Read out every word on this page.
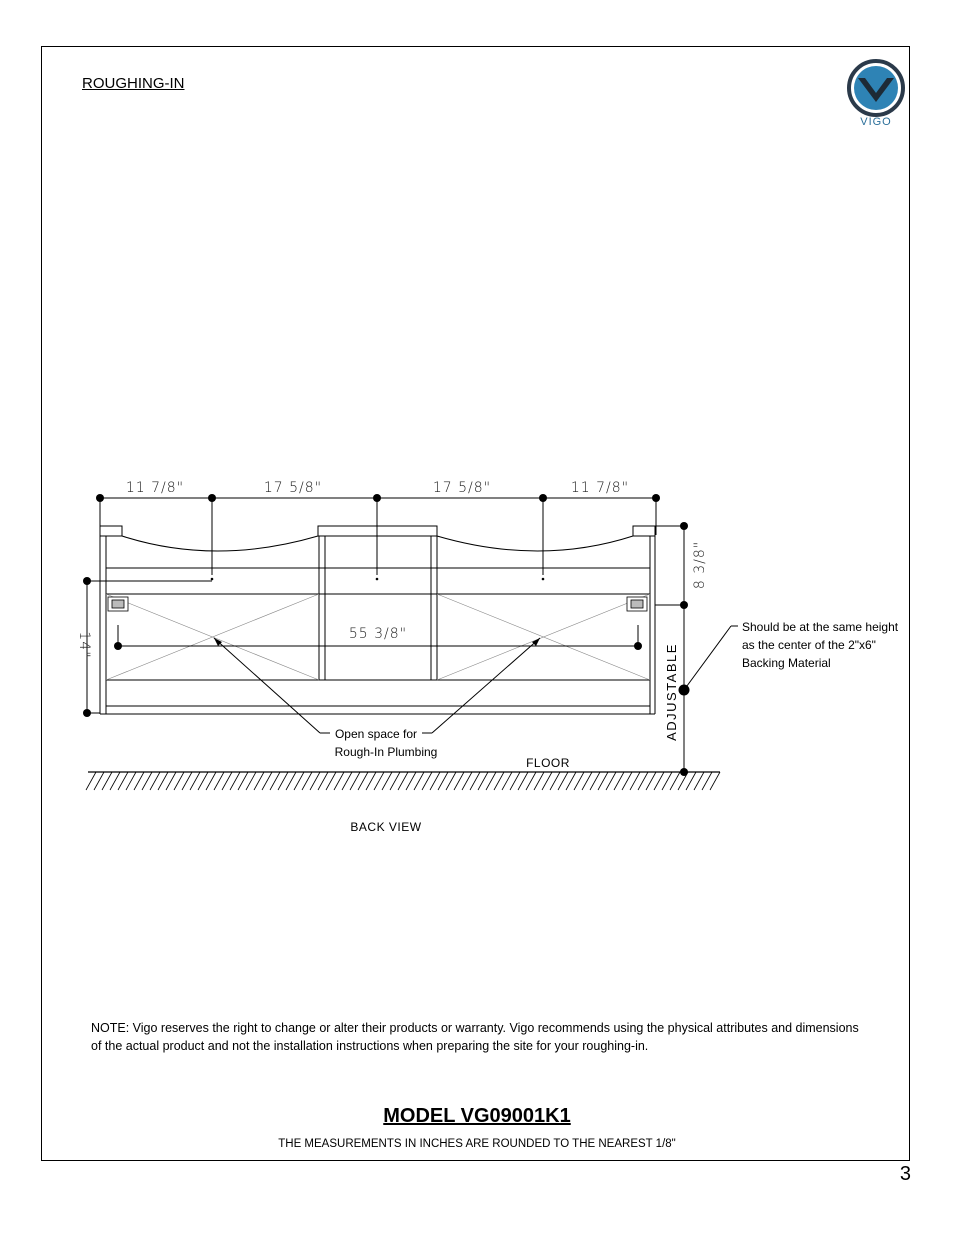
ROUGHING-IN
VIGO
11 7/8"	17 5/8"	17 5/8"	11 7/8"
55 3/8"
14"
8 3/8"
ADJUSTABLE
Should be at the same height
as the center of the 2"x6"
Backing Material
Open space for
Rough-In Plumbing
FLOOR
BACK VIEW
NOTE: Vigo reserves the right to change or alter their products or warranty. Vigo recommends using the physical attributes and dimensions
of the actual product and not the installation instructions when preparing the site for your roughing-in.
MODEL VG09001K1
THE MEASUREMENTS IN INCHES ARE ROUNDED TO THE NEAREST 1/8"
3
